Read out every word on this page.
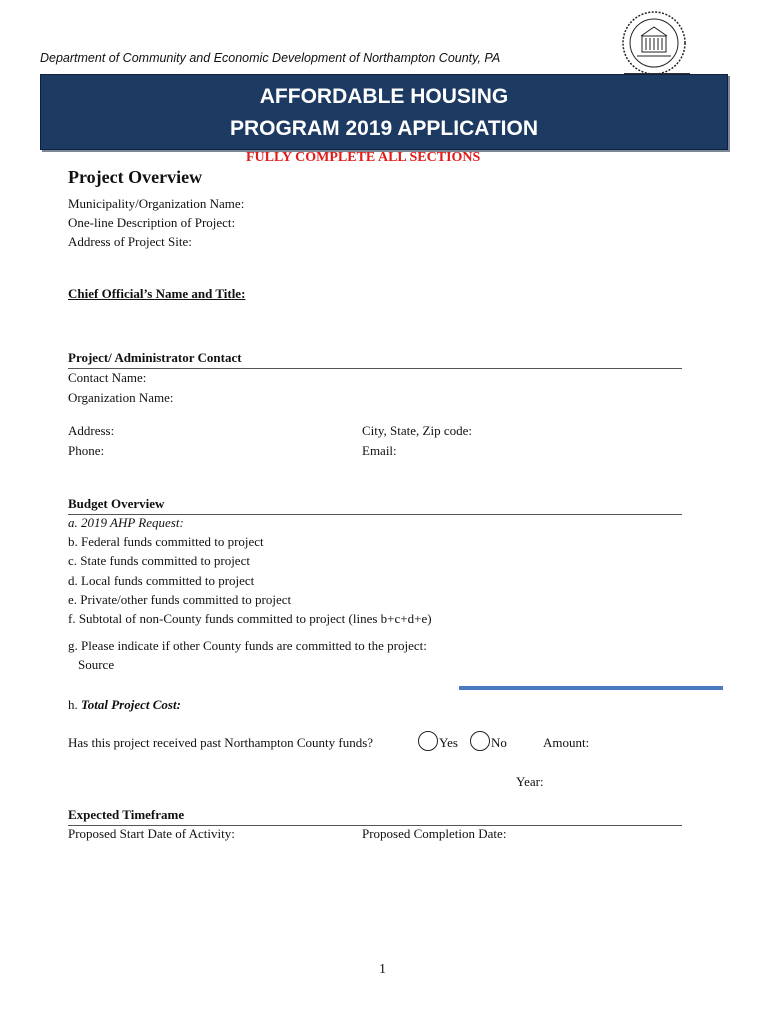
Department of Community and Economic Development of Northampton County, PA
AFFORDABLE HOUSING
PROGRAM 2019 APPLICATION
FULLY COMPLETE ALL SECTIONS
Project Overview
Municipality/Organization Name:
One-line Description of Project:
Address of Project Site:
Chief Official’s Name and Title:
Project/ Administrator Contact
Contact Name:
Organization Name:
Address:	City, State, Zip code:
Phone:	Email:
Budget Overview
a. 2019 AHP Request:
b. Federal funds committed to project
c. State funds committed to project
d. Local funds committed to project
e. Private/other funds committed to project
f. Subtotal of non-County funds committed to project (lines b+c+d+e)
g. Please indicate if other County funds are committed to the project:
Source
h. Total Project Cost:
Has this project received past Northampton County funds?	Yes	No	Amount:
Year:
Expected Timeframe
Proposed Start Date of Activity:	Proposed Completion Date:
1
